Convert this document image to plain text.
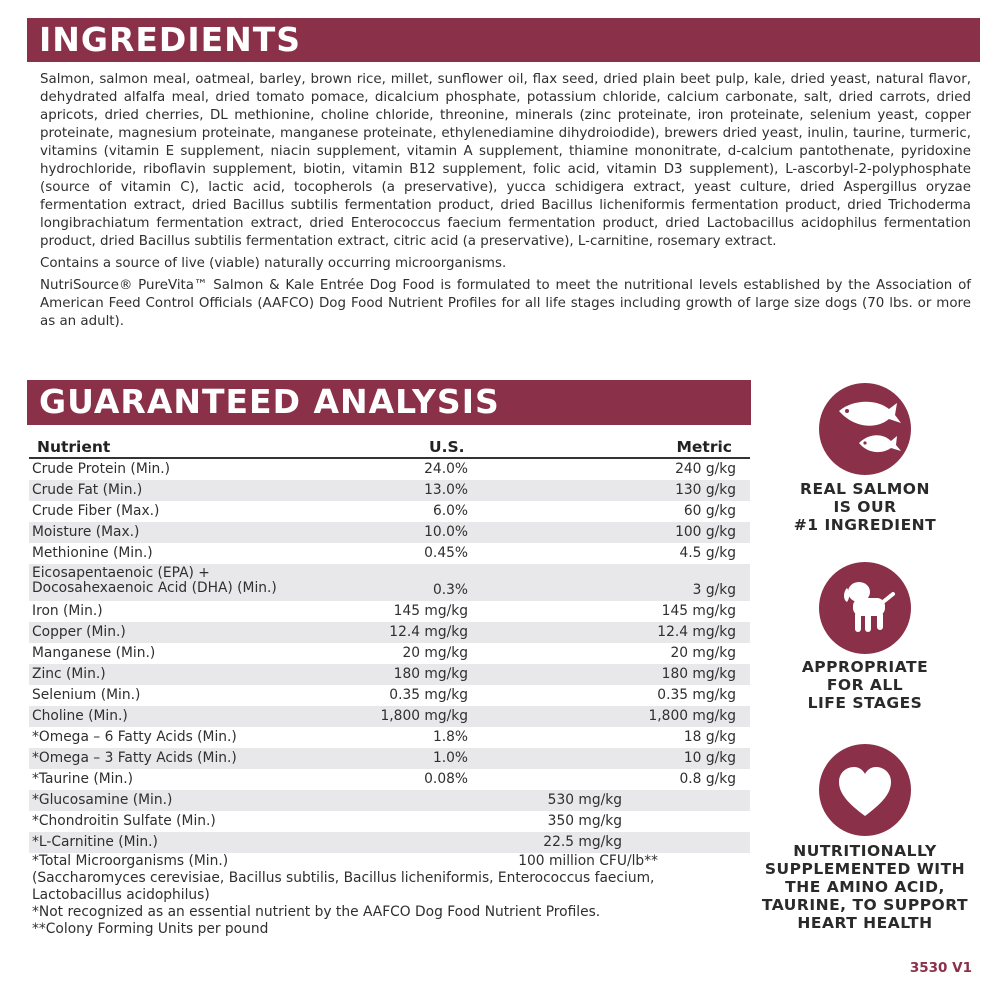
INGREDIENTS

Salmon, salmon meal, oatmeal, barley, brown rice, millet, sunflower oil, flax seed, dried plain beet pulp, kale, dried yeast, natural flavor, dehydrated alfalfa meal, dried tomato pomace, dicalcium phosphate, potassium chloride, calcium carbonate, salt, dried carrots, dried apricots, dried cherries, DL methionine, choline chloride, threonine, minerals (zinc proteinate, iron proteinate, selenium yeast, copper proteinate, magnesium proteinate, manganese proteinate, ethylenediamine dihydroiodide), brewers dried yeast, inulin, taurine, turmeric, vitamins (vitamin E supplement, niacin supplement, vitamin A supplement, thiamine mononitrate, d-calcium pantothenate, pyridoxine hydrochloride, riboflavin supplement, biotin, vitamin B12 supplement, folic acid, vitamin D3 supplement), L-ascorbyl-2-polyphosphate (source of vitamin C), lactic acid, tocopherols (a preservative), yucca schidigera extract, yeast culture, dried Aspergillus oryzae fermentation extract, dried Bacillus subtilis fermentation product, dried Bacillus licheniformis fermentation product, dried Trichoderma longibrachiatum fermentation extract, dried Enterococcus faecium fermentation product, dried Lactobacillus acidophilus fermentation product, dried Bacillus subtilis fermentation extract, citric acid (a preservative), L-carnitine, rosemary extract.

Contains a source of live (viable) naturally occurring microorganisms.

NutriSource® PureVita™ Salmon & Kale Entrée Dog Food is formulated to meet the nutritional levels established by the Association of American Feed Control Officials (AAFCO) Dog Food Nutrient Profiles for all life stages including growth of large size dogs (70 lbs. or more as an adult).

GUARANTEED ANALYSIS
Nutrient	U.S.	Metric
Crude Protein (Min.)	24.0%	240 g/kg
Crude Fat (Min.)	13.0%	130 g/kg
Crude Fiber (Max.)	6.0%	60 g/kg
Moisture (Max.)	10.0%	100 g/kg
Methionine (Min.)	0.45%	4.5 g/kg
Eicosapentaenoic (EPA) +
Docosahexaenoic Acid (DHA) (Min.)	0.3%	3 g/kg
Iron (Min.)	145 mg/kg	145 mg/kg
Copper (Min.)	12.4 mg/kg	12.4 mg/kg
Manganese (Min.)	20 mg/kg	20 mg/kg
Zinc (Min.)	180 mg/kg	180 mg/kg
Selenium (Min.)	0.35 mg/kg	0.35 mg/kg
Choline (Min.)	1,800 mg/kg	1,800 mg/kg
*Omega – 6 Fatty Acids (Min.)	1.8%	18 g/kg
*Omega – 3 Fatty Acids (Min.)	1.0%	10 g/kg
*Taurine (Min.)	0.08%	0.8 g/kg
*Glucosamine (Min.)	530 mg/kg
*Chondroitin Sulfate (Min.)	350 mg/kg
*L-Carnitine (Min.)	22.5 mg/kg
*Total Microorganisms (Min.)	100 million CFU/lb**
(Saccharomyces cerevisiae, Bacillus subtilis, Bacillus licheniformis, Enterococcus faecium, Lactobacillus acidophilus)
*Not recognized as an essential nutrient by the AAFCO Dog Food Nutrient Profiles.
**Colony Forming Units per pound
REAL SALMON
IS OUR
#1 INGREDIENT
APPROPRIATE
FOR ALL
LIFE STAGES
NUTRITIONALLY
SUPPLEMENTED WITH
THE AMINO ACID,
TAURINE, TO SUPPORT
HEART HEALTH
3530 V1
